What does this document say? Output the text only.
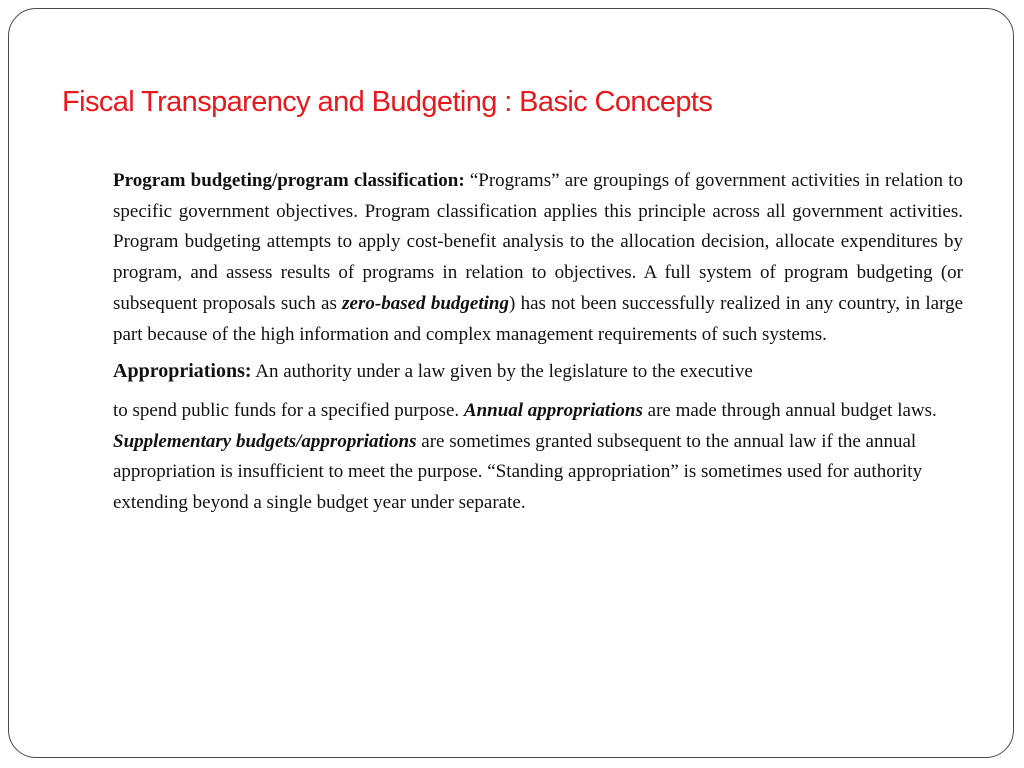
Fiscal Transparency and Budgeting : Basic Concepts

Program budgeting/program classification: “Programs” are groupings of government activities in relation to specific government objectives. Program classification applies this principle across all government activities. Program budgeting attempts to apply cost-benefit analysis to the allocation decision, allocate expenditures by program, and assess results of programs in relation to objectives. A full system of program budgeting (or subsequent proposals such as zero-based budgeting) has not been successfully realized in any country, in large part because of the high information and complex management requirements of such systems.

Appropriations: An authority under a law given by the legislature to the executive

to spend public funds for a specified purpose. Annual appropriations are made through annual budget laws. Supplementary budgets/appropriations are sometimes granted subsequent to the annual law if the annual appropriation is insufficient to meet the purpose. “Standing appropriation” is sometimes used for authority extending beyond a single budget year under separate.
